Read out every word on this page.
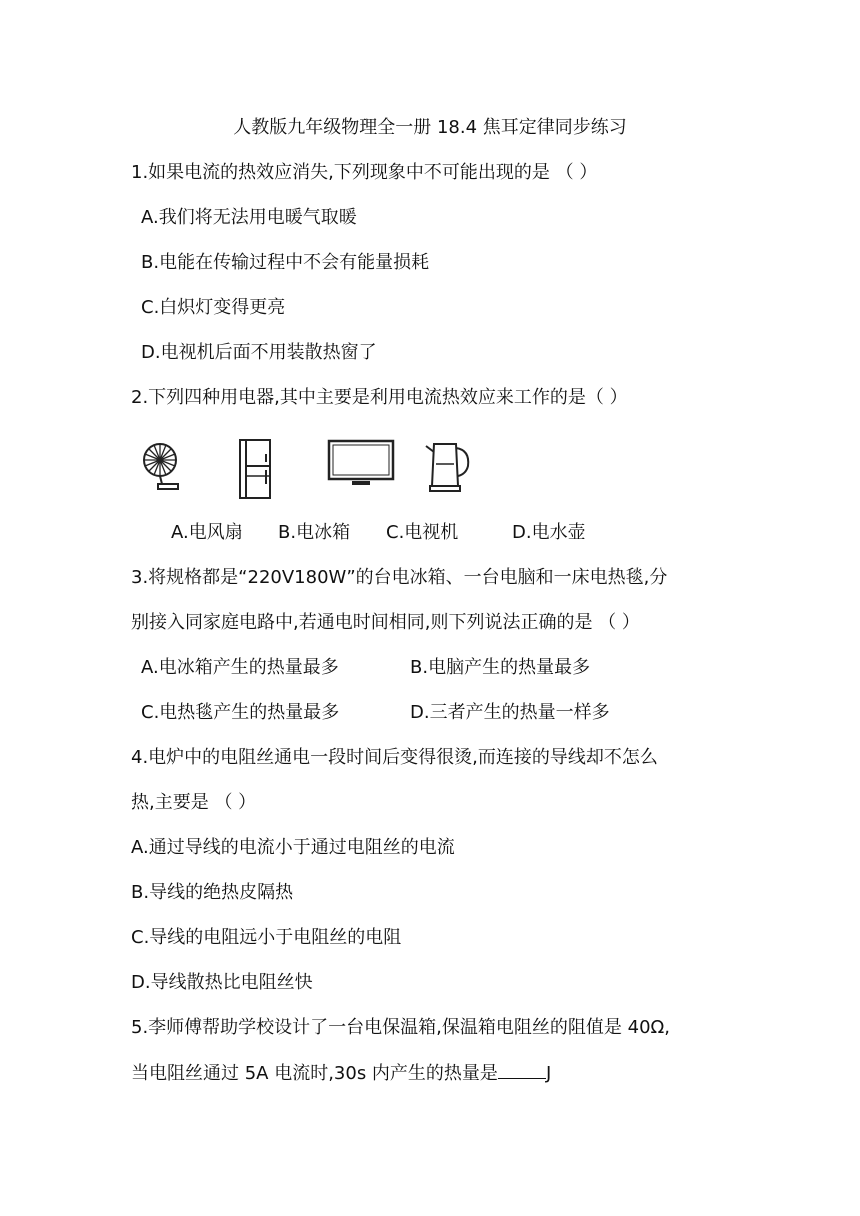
人教版九年级物理全一册 18.4 焦耳定律同步练习
1.如果电流的热效应消失,下列现象中不可能出现的是 （ ）
A.我们将无法用电暖气取暖
B.电能在传输过程中不会有能量损耗
C.白炽灯变得更亮
D.电视机后面不用装散热窗了
2.下列四种用电器,其中主要是利用电流热效应来工作的是（ ）
A.电风扇 B.电冰箱 C.电视机	D.电水壶
3.将规格都是“220V180W”的台电冰箱、一台电脑和一床电热毯,分
别接入同家庭电路中,若通电时间相同,则下列说法正确的是 （ ）
A.电冰箱产生的热量最多	B.电脑产生的热量最多
C.电热毯产生的热量最多	D.三者产生的热量一样多
4.电炉中的电阻丝通电一段时间后变得很烫,而连接的导线却不怎么
热,主要是 （ ）
A.通过导线的电流小于通过电阻丝的电流
B.导线的绝热皮隔热
C.导线的电阻远小于电阻丝的电阻
D.导线散热比电阻丝快
5.李师傅帮助学校设计了一台电保温箱,保温箱电阻丝的阻值是 40Ω,
当电阻丝通过 5A 电流时,30s 内产生的热量是	J
